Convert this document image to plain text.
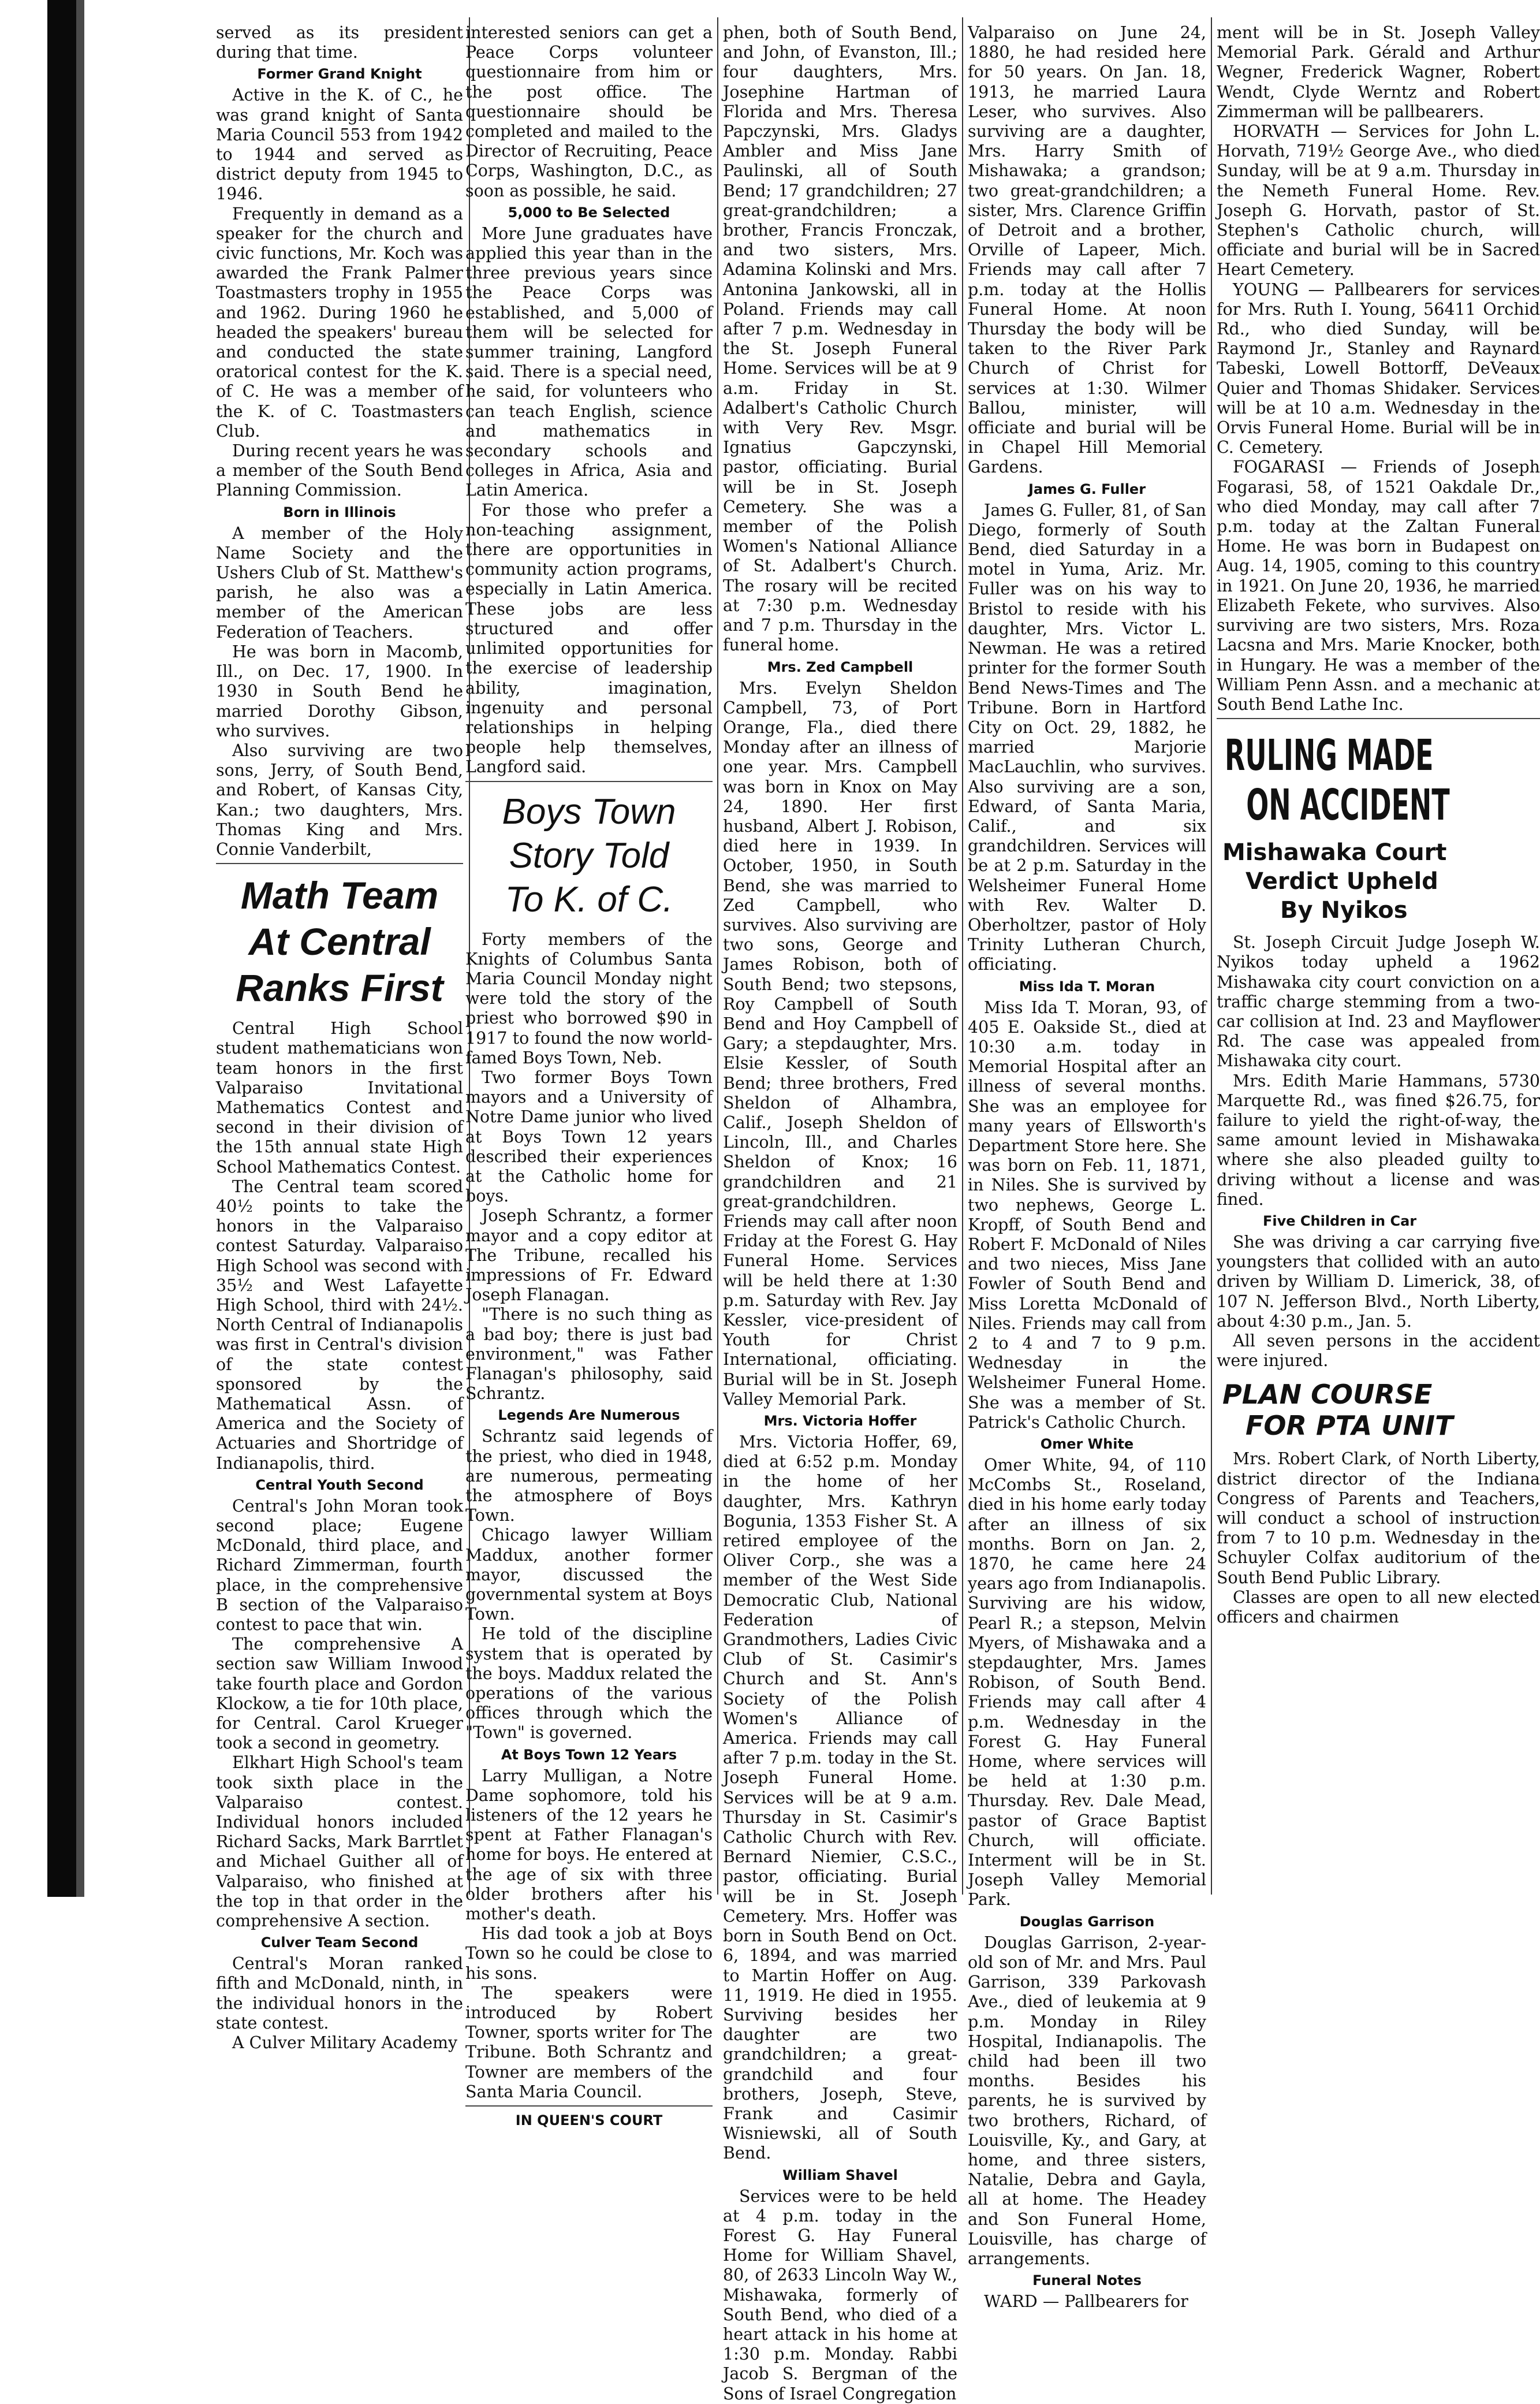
served as its president during that time.

Former Grand Knight

Active in the K. of C., he was grand knight of Santa Maria Council 553 from 1942 to 1944 and served as district deputy from 1945 to 1946.

Frequently in demand as a speaker for the church and civic functions, Mr. Koch was awarded the Frank Palmer Toastmasters trophy in 1955 and 1962. During 1960 he headed the speakers' bureau and conducted the state oratorical contest for the K. of C. He was a member of the K. of C. Toastmasters Club.

During recent years he was a member of the South Bend Planning Commission.

Born in Illinois

A member of the Holy Name Society and the Ushers Club of St. Matthew's parish, he also was a member of the American Federation of Teachers.

He was born in Macomb, Ill., on Dec. 17, 1900. In 1930 in South Bend he married Dorothy Gibson, who survives.

Also surviving are two sons, Jerry, of South Bend, and Robert, of Kansas City, Kan.; two daughters, Mrs. Thomas King and Mrs. Connie Vanderbilt,

Math Team
At Central
Ranks First

Central High School student mathematicians won team honors in the first Valparaiso Invitational Mathematics Contest and second in their division of the 15th annual state High School Mathematics Contest.

The Central team scored 40½ points to take the honors in the Valparaiso contest Saturday. Valparaiso High School was second with 35½ and West Lafayette High School, third with 24½. North Central of Indianapolis was first in Central's division of the state contest sponsored by the Mathematical Assn. of America and the Society of Actuaries and Shortridge of Indianapolis, third.

Central Youth Second

Central's John Moran took second place; Eugene McDonald, third place, and Richard Zimmerman, fourth place, in the comprehensive B section of the Valparaiso contest to pace that win.

The comprehensive A section saw William Inwood take fourth place and Gordon Klockow, a tie for 10th place, for Central. Carol Krueger took a second in geometry.

Elkhart High School's team took sixth place in the Valparaiso contest. Individual honors included Richard Sacks, Mark Barrtlet and Michael Guither all of Valparaiso, who finished at the top in that order in the comprehensive A section.

Culver Team Second

Central's Moran ranked fifth and McDonald, ninth, in the individual honors in the state contest.

A Culver Military Academy

interested seniors can get a Peace Corps volunteer questionnaire from him or the post office. The questionnaire should be completed and mailed to the Director of Recruiting, Peace Corps, Washington, D.C., as soon as possible, he said.

5,000 to Be Selected

More June graduates have applied this year than in the three previous years since the Peace Corps was established, and 5,000 of them will be selected for summer training, Langford said. There is a special need, he said, for volunteers who can teach English, science and mathematics in secondary schools and colleges in Africa, Asia and Latin America.

For those who prefer a non-teaching assignment, there are opportunities in community action programs, especially in Latin America. These jobs are less structured and offer unlimited opportunities for the exercise of leadership ability, imagination, ingenuity and personal relationships in helping people help themselves, Langford said.

Boys Town
Story Told
To K. of C.

Forty members of the Knights of Columbus Santa Maria Council Monday night were told the story of the priest who borrowed $90 in 1917 to found the now world-famed Boys Town, Neb.

Two former Boys Town mayors and a University of Notre Dame junior who lived at Boys Town 12 years described their experiences at the Catholic home for boys.

Joseph Schrantz, a former mayor and a copy editor at The Tribune, recalled his impressions of Fr. Edward Joseph Flanagan.

"There is no such thing as a bad boy; there is just bad environment," was Father Flanagan's philosophy, said Schrantz.

Legends Are Numerous

Schrantz said legends of the priest, who died in 1948, are numerous, permeating the atmosphere of Boys Town.

Chicago lawyer William Maddux, another former mayor, discussed the governmental system at Boys Town.

He told of the discipline system that is operated by the boys. Maddux related the operations of the various offices through which the "Town" is governed.

At Boys Town 12 Years

Larry Mulligan, a Notre Dame sophomore, told his listeners of the 12 years he spent at Father Flanagan's home for boys. He entered at the age of six with three older brothers after his mother's death.

His dad took a job at Boys Town so he could be close to his sons.

The speakers were introduced by Robert Towner, sports writer for The Tribune. Both Schrantz and Towner are members of the Santa Maria Council.

IN QUEEN'S COURT

phen, both of South Bend, and John, of Evanston, Ill.; four daughters, Mrs. Josephine Hartman of Florida and Mrs. Theresa Papczynski, Mrs. Gladys Ambler and Miss Jane Paulinski, all of South Bend; 17 grandchildren; 27 great-grandchildren; a brother, Francis Fronczak, and two sisters, Mrs. Adamina Kolinski and Mrs. Antonina Jankowski, all in Poland. Friends may call after 7 p.m. Wednesday in the St. Joseph Funeral Home. Services will be at 9 a.m. Friday in St. Adalbert's Catholic Church with Very Rev. Msgr. Ignatius Gapczynski, pastor, officiating. Burial will be in St. Joseph Cemetery. She was a member of the Polish Women's National Alliance of St. Adalbert's Church. The rosary will be recited at 7:30 p.m. Wednesday and 7 p.m. Thursday in the funeral home.

Mrs. Zed Campbell

Mrs. Evelyn Sheldon Campbell, 73, of Port Orange, Fla., died there Monday after an illness of one year. Mrs. Campbell was born in Knox on May 24, 1890. Her first husband, Albert J. Robison, died here in 1939. In October, 1950, in South Bend, she was married to Zed Campbell, who survives. Also surviving are two sons, George and James Robison, both of South Bend; two stepsons, Roy Campbell of South Bend and Hoy Campbell of Gary; a stepdaughter, Mrs. Elsie Kessler, of South Bend; three brothers, Fred Sheldon of Alhambra, Calif., Joseph Sheldon of Lincoln, Ill., and Charles Sheldon of Knox; 16 grandchildren and 21 great-grandchildren. Friends may call after noon Friday at the Forest G. Hay Funeral Home. Services will be held there at 1:30 p.m. Saturday with Rev. Jay Kessler, vice-president of Youth for Christ International, officiating. Burial will be in St. Joseph Valley Memorial Park.

Mrs. Victoria Hoffer

Mrs. Victoria Hoffer, 69, died at 6:52 p.m. Monday in the home of her daughter, Mrs. Kathryn Bogunia, 1353 Fisher St. A retired employee of the Oliver Corp., she was a member of the West Side Democratic Club, National Federation of Grandmothers, Ladies Civic Club of St. Casimir's Church and St. Ann's Society of the Polish Women's Alliance of America. Friends may call after 7 p.m. today in the St. Joseph Funeral Home. Services will be at 9 a.m. Thursday in St. Casimir's Catholic Church with Rev. Bernard Niemier, C.S.C., pastor, officiating. Burial will be in St. Joseph Cemetery. Mrs. Hoffer was born in South Bend on Oct. 6, 1894, and was married to Martin Hoffer on Aug. 11, 1919. He died in 1955. Surviving besides her daughter are two grandchildren; a great-grandchild and four brothers, Joseph, Steve, Frank and Casimir Wisniewski, all of South Bend.

William Shavel

Services were to be held at 4 p.m. today in the Forest G. Hay Funeral Home for William Shavel, 80, of 2633 Lincoln Way W., Mishawaka, formerly of South Bend, who died of a heart attack in his home at 1:30 p.m. Monday. Rabbi Jacob S. Bergman of the Sons of Israel Congregation

Valparaiso on June 24, 1880, he had resided here for 50 years. On Jan. 18, 1913, he married Laura Leser, who survives. Also surviving are a daughter, Mrs. Harry Smith of Mishawaka; a grandson; two great-grandchildren; a sister, Mrs. Clarence Griffin of Detroit and a brother, Orville of Lapeer, Mich. Friends may call after 7 p.m. today at the Hollis Funeral Home. At noon Thursday the body will be taken to the River Park Church of Christ for services at 1:30. Wilmer Ballou, minister, will officiate and burial will be in Chapel Hill Memorial Gardens.

James G. Fuller

James G. Fuller, 81, of San Diego, formerly of South Bend, died Saturday in a motel in Yuma, Ariz. Mr. Fuller was on his way to Bristol to reside with his daughter, Mrs. Victor L. Newman. He was a retired printer for the former South Bend News-Times and The Tribune. Born in Hartford City on Oct. 29, 1882, he married Marjorie MacLauchlin, who survives. Also surviving are a son, Edward, of Santa Maria, Calif., and six grandchildren. Services will be at 2 p.m. Saturday in the Welsheimer Funeral Home with Rev. Walter D. Oberholtzer, pastor of Holy Trinity Lutheran Church, officiating.

Miss Ida T. Moran

Miss Ida T. Moran, 93, of 405 E. Oakside St., died at 10:30 a.m. today in Memorial Hospital after an illness of several months. She was an employee for many years of Ellsworth's Department Store here. She was born on Feb. 11, 1871, in Niles. She is survived by two nephews, George L. Kropff, of South Bend and Robert F. McDonald of Niles and two nieces, Miss Jane Fowler of South Bend and Miss Loretta McDonald of Niles. Friends may call from 2 to 4 and 7 to 9 p.m. Wednesday in the Welsheimer Funeral Home. She was a member of St. Patrick's Catholic Church.

Omer White

Omer White, 94, of 110 McCombs St., Roseland, died in his home early today after an illness of six months. Born on Jan. 2, 1870, he came here 24 years ago from Indianapolis. Surviving are his widow, Pearl R.; a stepson, Melvin Myers, of Mishawaka and a stepdaughter, Mrs. James Robison, of South Bend. Friends may call after 4 p.m. Wednesday in the Forest G. Hay Funeral Home, where services will be held at 1:30 p.m. Thursday. Rev. Dale Mead, pastor of Grace Baptist Church, will officiate. Interment will be in St. Joseph Valley Memorial Park.

Douglas Garrison

Douglas Garrison, 2-year-old son of Mr. and Mrs. Paul Garrison, 339 Parkovash Ave., died of leukemia at 9 p.m. Monday in Riley Hospital, Indianapolis. The child had been ill two months. Besides his parents, he is survived by two brothers, Richard, of Louisville, Ky., and Gary, at home, and three sisters, Natalie, Debra and Gayla, all at home. The Headey and Son Funeral Home, Louisville, has charge of arrangements.

Funeral Notes

WARD — Pallbearers for

ment will be in St. Joseph Valley Memorial Park. Gérald and Arthur Wegner, Frederick Wagner, Robert Wendt, Clyde Werntz and Robert Zimmerman will be pallbearers.

HORVATH — Services for John L. Horvath, 719½ George Ave., who died Sunday, will be at 9 a.m. Thursday in the Nemeth Funeral Home. Rev. Joseph G. Horvath, pastor of St. Stephen's Catholic church, will officiate and burial will be in Sacred Heart Cemetery.

YOUNG — Pallbearers for services for Mrs. Ruth I. Young, 56411 Orchid Rd., who died Sunday, will be Raymond Jr., Stanley and Raynard Tabeski, Lowell Bottorff, DeVeaux Quier and Thomas Shidaker. Services will be at 10 a.m. Wednesday in the Orvis Funeral Home. Burial will be in C. Cemetery.

FOGARASI — Friends of Joseph Fogarasi, 58, of 1521 Oakdale Dr., who died Monday, may call after 7 p.m. today at the Zaltan Funeral Home. He was born in Budapest on Aug. 14, 1905, coming to this country in 1921. On June 20, 1936, he married Elizabeth Fekete, who survives. Also surviving are two sisters, Mrs. Roza Lacsna and Mrs. Marie Knocker, both in Hungary. He was a member of the William Penn Assn. and a mechanic at South Bend Lathe Inc.

RULING MADE
ON ACCIDENT
Mishawaka Court
Verdict Upheld
By Nyikos

St. Joseph Circuit Judge Joseph W. Nyikos today upheld a 1962 Mishawaka city court conviction on a traffic charge stemming from a two-car collision at Ind. 23 and Mayflower Rd. The case was appealed from Mishawaka city court.

Mrs. Edith Marie Hammans, 5730 Marquette Rd., was fined $26.75, for failure to yield the right-of-way, the same amount levied in Mishawaka where she also pleaded guilty to driving without a license and was fined.

Five Children in Car

She was driving a car carrying five youngsters that collided with an auto driven by William D. Limerick, 38, of 107 N. Jefferson Blvd., North Liberty, about 4:30 p.m., Jan. 5.

All seven persons in the accident were injured.

PLAN COURSE
FOR PTA UNIT

Mrs. Robert Clark, of North Liberty, district director of the Indiana Congress of Parents and Teachers, will conduct a school of instruction from 7 to 10 p.m. Wednesday in the Schuyler Colfax auditorium of the South Bend Public Library.

Classes are open to all new elected officers and chairmen
